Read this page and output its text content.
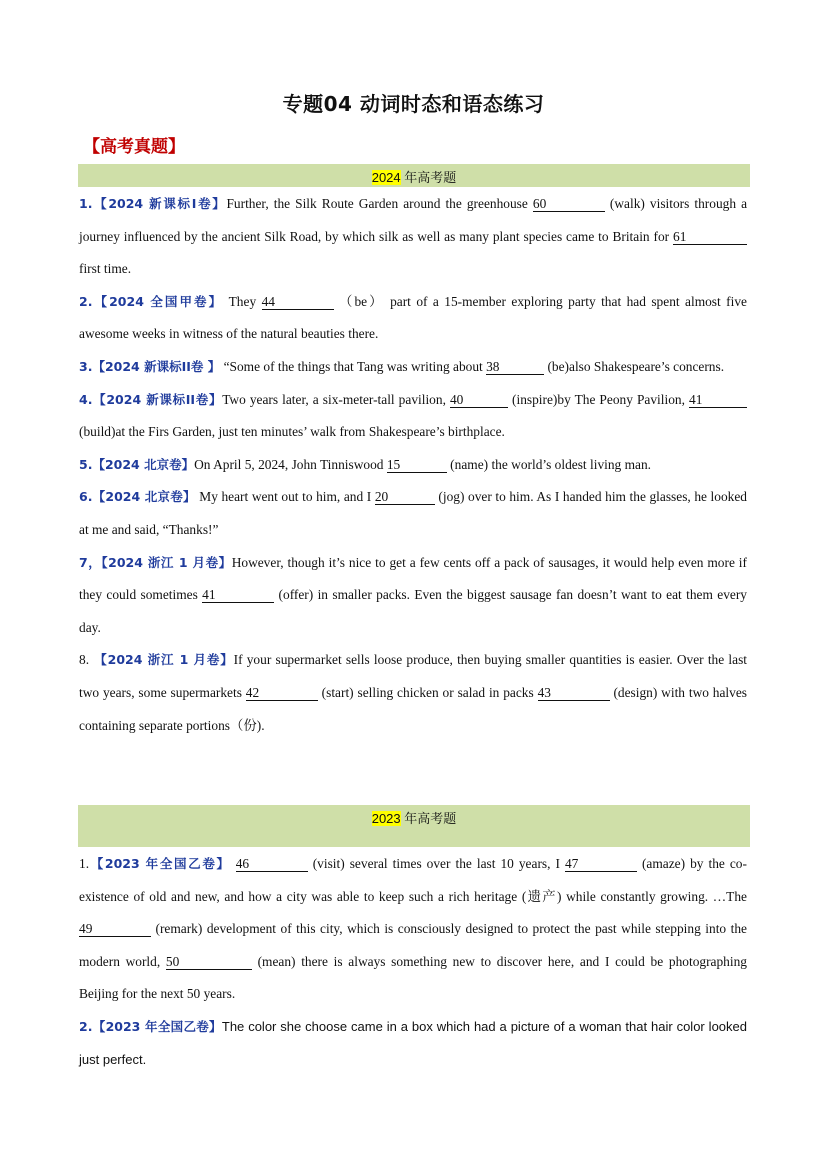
专题04 动词时态和语态练习
【高考真题】
2024 年高考题
1.【2024 新课标I卷】Further, the Silk Route Garden around the greenhouse 60	(walk) visitors through a journey influenced by the ancient Silk Road, by which silk as well as many plant species came to Britain for 61 first time.
2.【2024 全国甲卷】 They 44	（be） part of a 15-member exploring party that had spent almost five awesome weeks in witness of the natural beauties there.
3.【2024 新课标II卷 】 “Some of the things that Tang was writing about 38	(be)also Shakespeare’s concerns.
4.【2024 新课标II卷】Two years later, a six-meter-tall pavilion, 40	(inspire)by The Peony Pavilion, 41 (build)at the Firs Garden, just ten minutes’ walk from Shakespeare’s birthplace.
5.【2024 北京卷】On April 5, 2024, John Tinniswood 15	(name) the world’s oldest living man.
6.【2024 北京卷】 My heart went out to him, and I 20	(jog) over to him. As I handed him the glasses, he looked at me and said, “Thanks!”
7，【2024 浙江 1 月卷】However, though it’s nice to get a few cents off a pack of sausages, it would help even more if they could sometimes 41	(offer) in smaller packs. Even the biggest sausage fan doesn’t want to eat them every day.
8. 【2024 浙江 1 月卷】If your supermarket sells loose produce, then buying smaller quantities is easier. Over the last two years, some supermarkets 42	(start) selling chicken or salad in packs 43	(design) with two halves containing separate portions（份).
2023 年高考题
1.【2023 年全国乙卷】 46	(visit) several times over the last 10 years, I 47	(amaze) by the co-existence of old and new, and how a city was able to keep such a rich heritage (遗产) while constantly growing. …The 49	(remark) development of this city, which is consciously designed to protect the past while stepping into the modern world, 50	(mean) there is always something new to discover here, and I could be photographing Beijing for the next 50 years.
2.【2023 年全国乙卷】The color she choose came in a box which had a picture of a woman that hair color looked just perfect.
